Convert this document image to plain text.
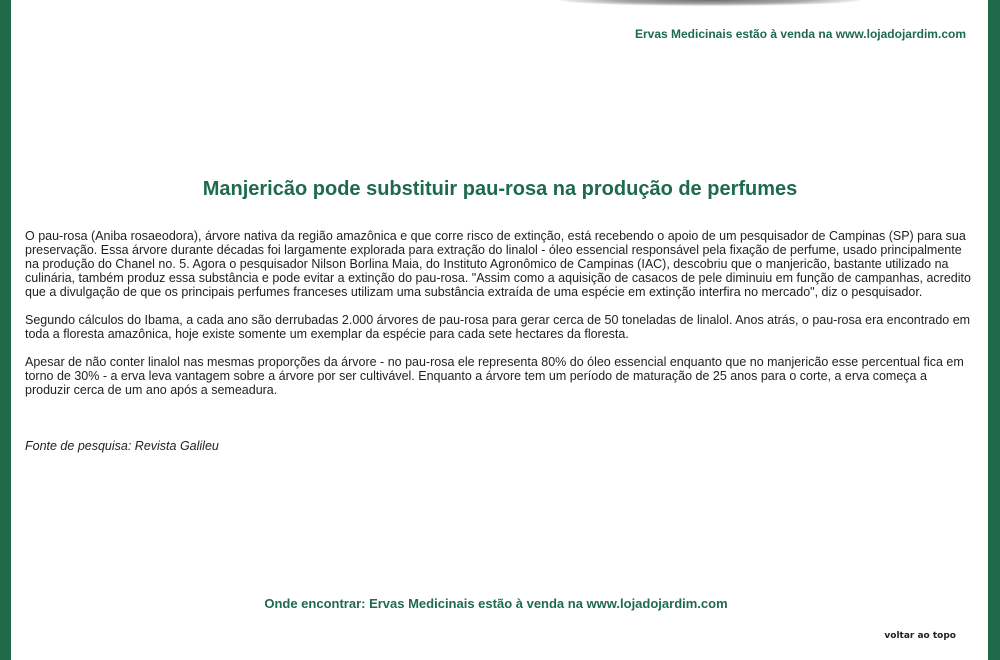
Ervas Medicinais estão à venda na www.lojadojardim.com
Manjericão pode substituir pau-rosa na produção de perfumes

O pau-rosa (Aniba rosaeodora), árvore nativa da região amazônica e que corre risco de extinção, está recebendo o apoio de um pesquisador de Campinas (SP) para sua preservação. Essa árvore durante décadas foi largamente explorada para extração do linalol - óleo essencial responsável pela fixação de perfume, usado principalmente na produção do Chanel no. 5. Agora o pesquisador Nilson Borlina Maia, do Instituto Agronômico de Campinas (IAC), descobriu que o manjericão, bastante utilizado na culinária, também produz essa substância e pode evitar a extinção do pau-rosa. "Assim como a aquisição de casacos de pele diminuiu em função de campanhas, acredito que a divulgação de que os principais perfumes franceses utilizam uma substância extraída de uma espécie em extinção interfira no mercado", diz o pesquisador.

Segundo cálculos do Ibama, a cada ano são derrubadas 2.000 árvores de pau-rosa para gerar cerca de 50 toneladas de linalol. Anos atrás, o pau-rosa era encontrado em toda a floresta amazônica, hoje existe somente um exemplar da espécie para cada sete hectares da floresta.

Apesar de não conter linalol nas mesmas proporções da árvore - no pau-rosa ele representa 80% do óleo essencial enquanto que no manjericão esse percentual fica em torno de 30% - a erva leva vantagem sobre a árvore por ser cultivável. Enquanto a árvore tem um período de maturação de 25 anos para o corte, a erva começa a produzir cerca de um ano após a semeadura.

Fonte de pesquisa: Revista Galileu

Onde encontrar: Ervas Medicinais estão à venda na www.lojadojardim.com
voltar ao topo
